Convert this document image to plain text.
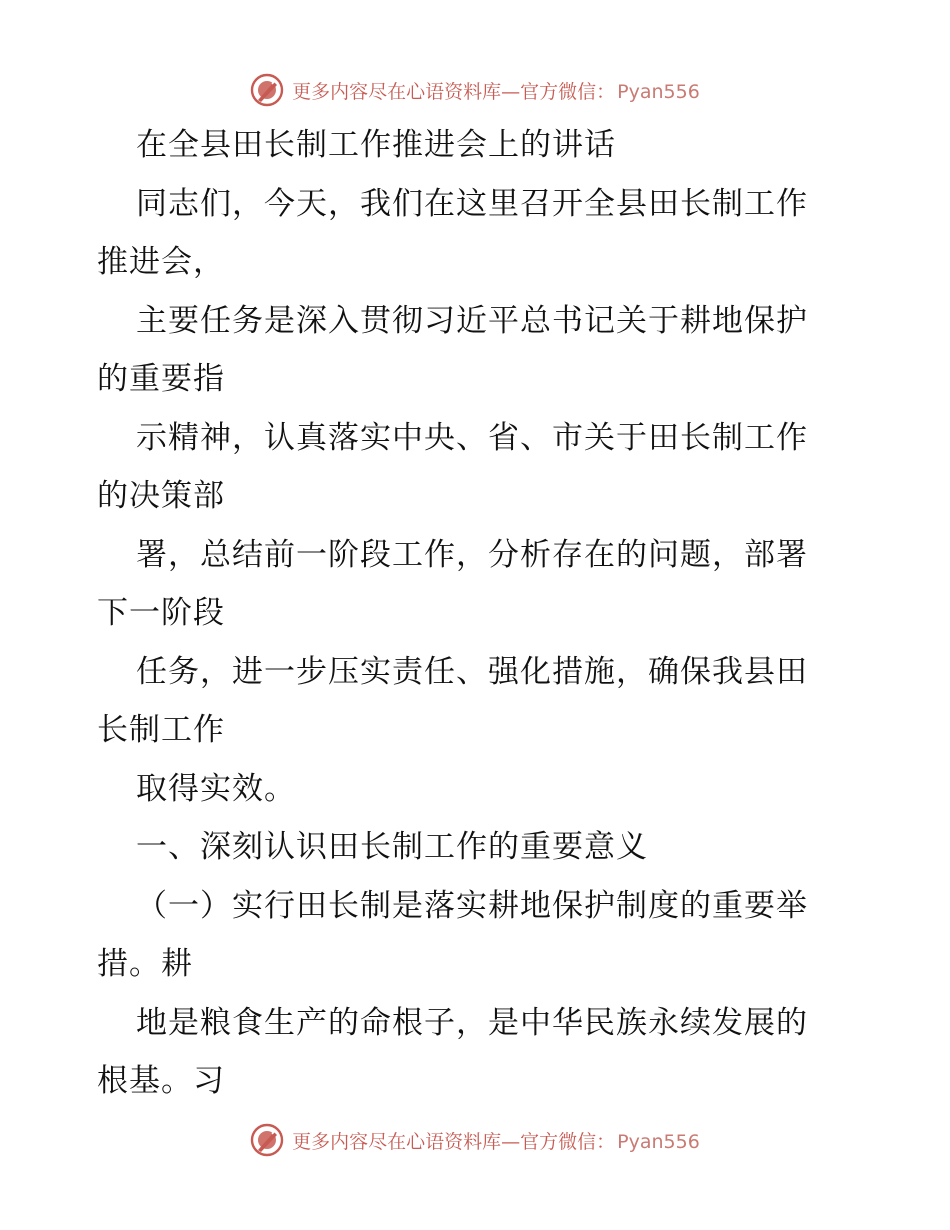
更多内容尽在心语资料库—官方微信： Pyan556
在全县田长制工作推进会上的讲话
同志们，今天，我们在这里召开全县田长制工作
推进会，
主要任务是深入贯彻习近平总书记关于耕地保护
的重要指
示精神，认真落实中央、省、市关于田长制工作
的决策部
署，总结前一阶段工作，分析存在的问题，部署
下一阶段
任务，进一步压实责任、强化措施，确保我县田
长制工作
取得实效。
一、深刻认识田长制工作的重要意义
（一）实行田长制是落实耕地保护制度的重要举
措。耕
地是粮食生产的命根子，是中华民族永续发展的
根基。习
更多内容尽在心语资料库—官方微信： Pyan556
